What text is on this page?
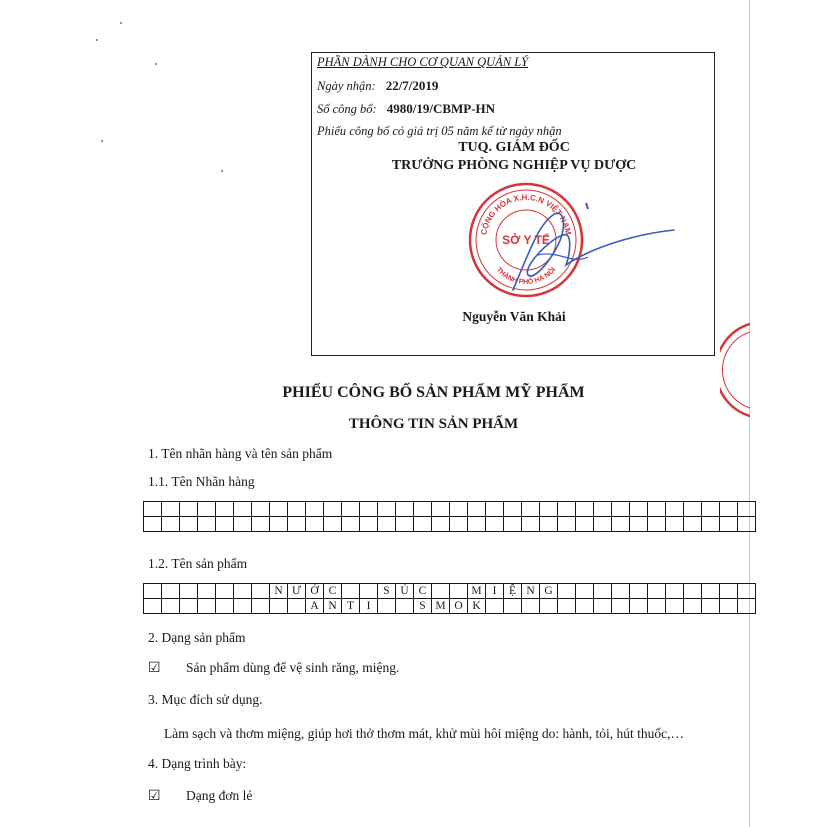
PHẦN DÀNH CHO CƠ QUAN QUẢN LÝ
Ngày nhận: 22/7/2019
Số công bố: 4980/19/CBMP-HN
Phiếu công bố có giá trị 05 năm kể từ ngày nhận
TUQ. GIÁM ĐỐC
TRƯỞNG PHÒNG NGHIỆP VỤ DƯỢC
Nguyễn Văn Khải
CỘNG HÒA X.H.C.N VIỆT NAM
SỞ Y TẾ
THÀNH PHỐ HÀ NỘI
PHIẾU CÔNG BỐ SẢN PHẨM MỸ PHẨM
THÔNG TIN SẢN PHẨM
1. Tên nhãn hàng và tên sản phẩm
1.1. Tên Nhãn hàng

1.2. Tên sản phẩm
							N	Ư	Ớ	C			S	Ú	C			M	I	Ệ	N	G											
									A	N	T	I			S	M	O	K															
2. Dạng sản phẩm
☑ Sản phẩm dùng để vệ sinh răng, miệng.
3. Mục đích sử dụng.
Làm sạch và thơm miệng, giúp hơi thở thơm mát, khử mùi hôi miệng do: hành, tỏi, hút thuốc,…
4. Dạng trình bày:
☑ Dạng đơn lẻ
